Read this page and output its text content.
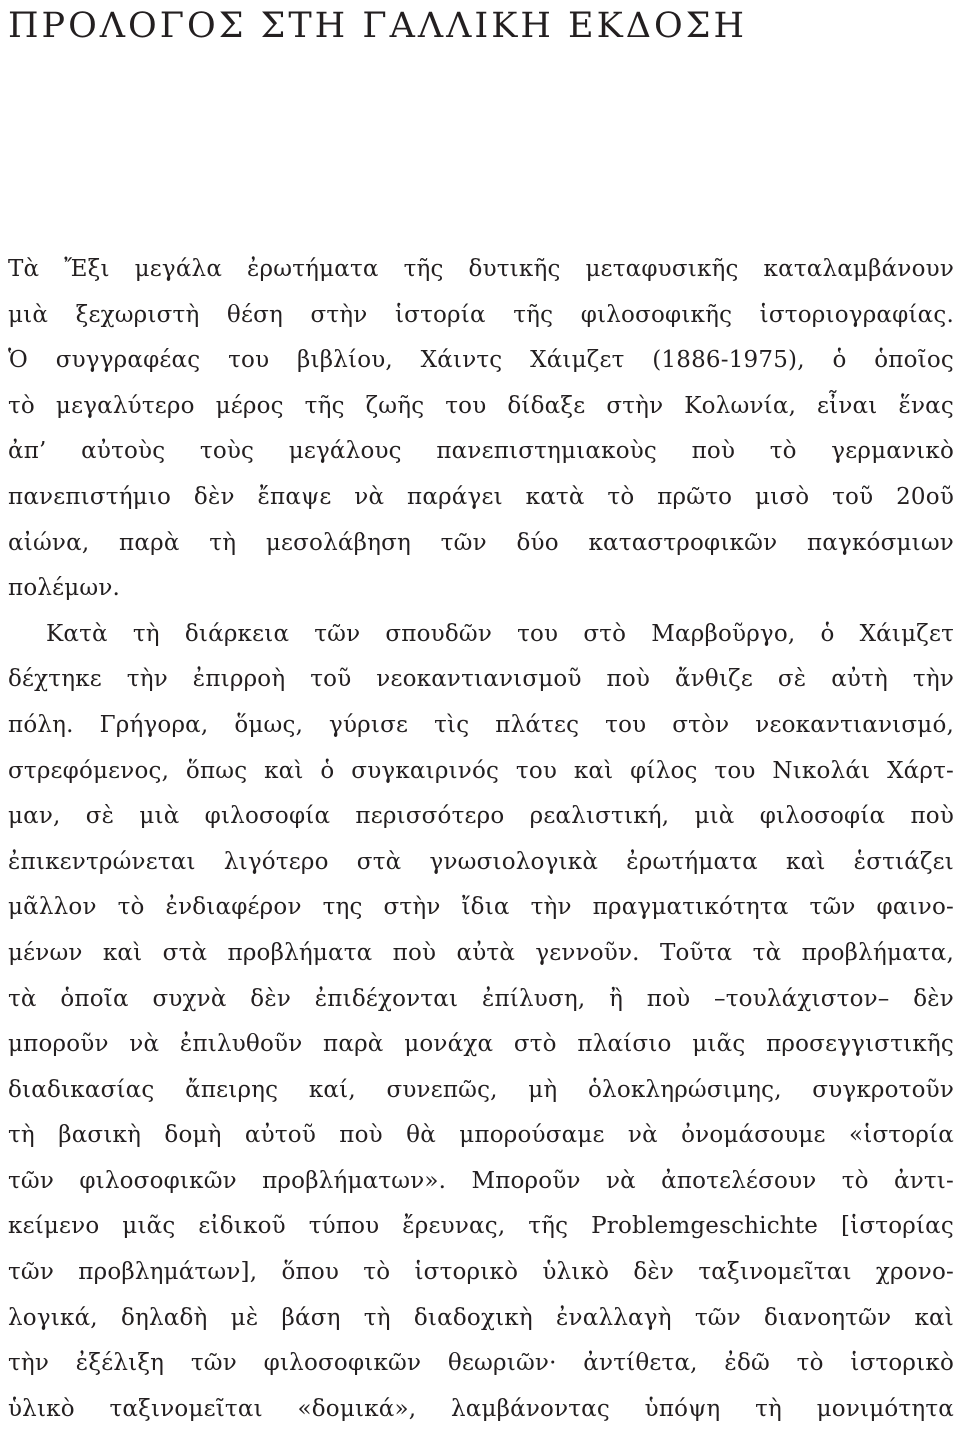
ΠΡΟΛΟΓΟΣ ΣΤΗ ΓΑΛΛΙΚΗ ΕΚΔΟΣΗ
Τὰ Ἔξι μεγάλα ἐρωτήματα τῆς δυτικῆς μεταφυσικῆς καταλαμβάνουν
μιὰ ξεχωριστὴ θέση στὴν ἱστορία τῆς φιλοσοφικῆς ἱστοριογραφίας.
Ὁ συγγραφέας του βιβλίου, Χάιντς Χάιμζετ (1886-1975), ὁ ὁποῖος
τὸ μεγαλύτερο μέρος τῆς ζωῆς του δίδαξε στὴν Κολωνία, εἶναι ἕνας
ἀπ’ αὐτοὺς τοὺς μεγάλους πανεπιστημιακοὺς ποὺ τὸ γερμανικὸ
πανεπιστήμιο δὲν ἔπαψε νὰ παράγει κατὰ τὸ πρῶτο μισὸ τοῦ 20οῦ
αἰώνα, παρὰ τὴ μεσολάβηση τῶν δύο καταστροφικῶν παγκόσμιων
πολέμων.
Κατὰ τὴ διάρκεια τῶν σπουδῶν του στὸ Μαρβοῦργο, ὁ Χάιμζετ
δέχτηκε τὴν ἐπιρροὴ τοῦ νεοκαντιανισμοῦ ποὺ ἄνθιζε σὲ αὐτὴ τὴν
πόλη. Γρήγορα, ὅμως, γύρισε τὶς πλάτες του στὸν νεοκαντιανισμό,
στρεφόμενος, ὅπως καὶ ὁ συγκαιρινός του καὶ φίλος του Νικολάι Χάρτ-
μαν, σὲ μιὰ φιλοσοφία περισσότερο ρεαλιστική, μιὰ φιλοσοφία ποὺ
ἐπικεντρώνεται λιγότερο στὰ γνωσιολογικὰ ἐρωτήματα καὶ ἑστιάζει
μᾶλλον τὸ ἐνδιαφέρον της στὴν ἴδια τὴν πραγματικότητα τῶν φαινο-
μένων καὶ στὰ προβλήματα ποὺ αὐτὰ γεννοῦν. Τοῦτα τὰ προβλήματα,
τὰ ὁποῖα συχνὰ δὲν ἐπιδέχονται ἐπίλυση, ἢ ποὺ –τουλάχιστον– δὲν
μποροῦν νὰ ἐπιλυθοῦν παρὰ μονάχα στὸ πλαίσιο μιᾶς προσεγγιστικῆς
διαδικασίας ἄπειρης καί, συνεπῶς, μὴ ὁλοκληρώσιμης, συγκροτοῦν
τὴ βασικὴ δομὴ αὐτοῦ ποὺ θὰ μπορούσαμε νὰ ὀνομάσουμε «ἱστορία
τῶν φιλοσοφικῶν προβλήματων». Μποροῦν νὰ ἀποτελέσουν τὸ ἀντι-
κείμενο μιᾶς εἰδικοῦ τύπου ἔρευνας, τῆς Problemgeschichte [ἱστορίας
τῶν προβλημάτων], ὅπου τὸ ἱστορικὸ ὑλικὸ δὲν ταξινομεῖται χρονο-
λογικά, δηλαδὴ μὲ βάση τὴ διαδοχικὴ ἐναλλαγὴ τῶν διανοητῶν καὶ
τὴν ἐξέλιξη τῶν φιλοσοφικῶν θεωριῶν· ἀντίθετα, ἐδῶ τὸ ἱστορικὸ
ὑλικὸ ταξινομεῖται «δομικά», λαμβάνοντας ὑπόψη τὴ μονιμότητα
